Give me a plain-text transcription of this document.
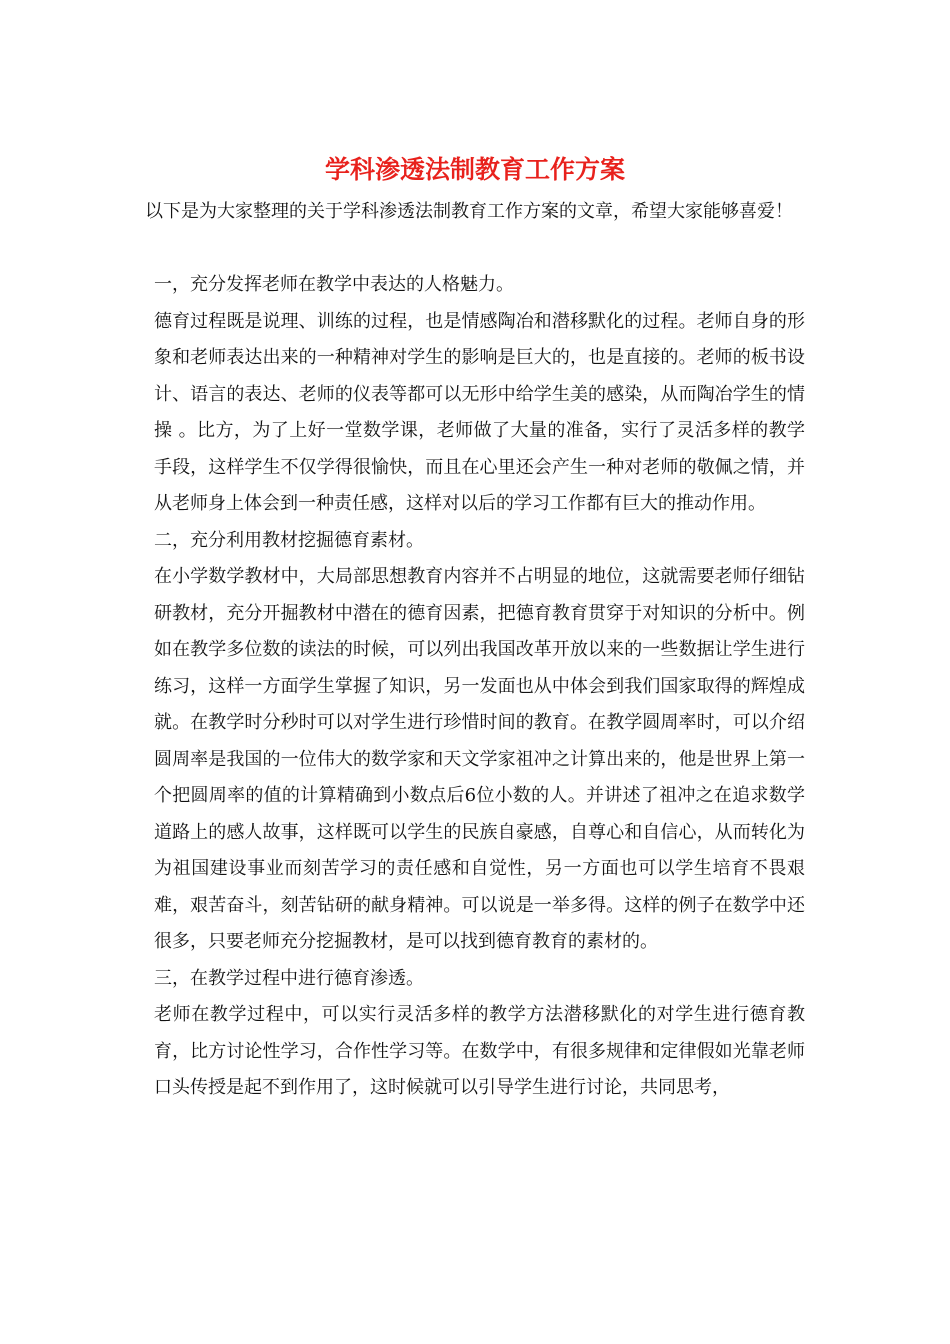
学科渗透法制教育工作方案

以下是为大家整理的关于学科渗透法制教育工作方案的文章，希望大家能够喜爱！

一，充分发挥老师在教学中表达的人格魅力。

德育过程既是说理、训练的过程，也是情感陶冶和潜移默化的过程。老师自身的形象和老师表达出来的一种精神对学生的影响是巨大的，也是直接的。老师的板书设计、语言的表达、老师的仪表等都可以无形中给学生美的感染，从而陶冶学生的情操 。比方，为了上好一堂数学课，老师做了大量的准备，实行了灵活多样的教学手段，这样学生不仅学得很愉快，而且在心里还会产生一种对老师的敬佩之情，并从老师身上体会到一种责任感，这样对以后的学习工作都有巨大的推动作用。

二，充分利用教材挖掘德育素材。

在小学数学教材中，大局部思想教育内容并不占明显的地位，这就需要老师仔细钻研教材，充分开掘教材中潜在的德育因素，把德育教育贯穿于对知识的分析中。例如在教学多位数的读法的时候，可以列出我国改革开放以来的一些数据让学生进行练习，这样一方面学生掌握了知识，另一发面也从中体会到我们国家取得的辉煌成就。在教学时分秒时可以对学生进行珍惜时间的教育。在教学圆周率时，可以介绍圆周率是我国的一位伟大的数学家和天文学家祖冲之计算出来的，他是世界上第一个把圆周率的值的计算精确到小数点后6位小数的人。并讲述了祖冲之在追求数学道路上的感人故事，这样既可以学生的民族自豪感，自尊心和自信心，从而转化为为祖国建设事业而刻苦学习的责任感和自觉性，另一方面也可以学生培育不畏艰难，艰苦奋斗，刻苦钻研的献身精神。可以说是一举多得。这样的例子在数学中还很多，只要老师充分挖掘教材，是可以找到德育教育的素材的。

三，在教学过程中进行德育渗透。

老师在教学过程中，可以实行灵活多样的教学方法潜移默化的对学生进行德育教育，比方讨论性学习，合作性学习等。在数学中，有很多规律和定律假如光靠老师口头传授是起不到作用了，这时候就可以引导学生进行讨论，共同思考，
